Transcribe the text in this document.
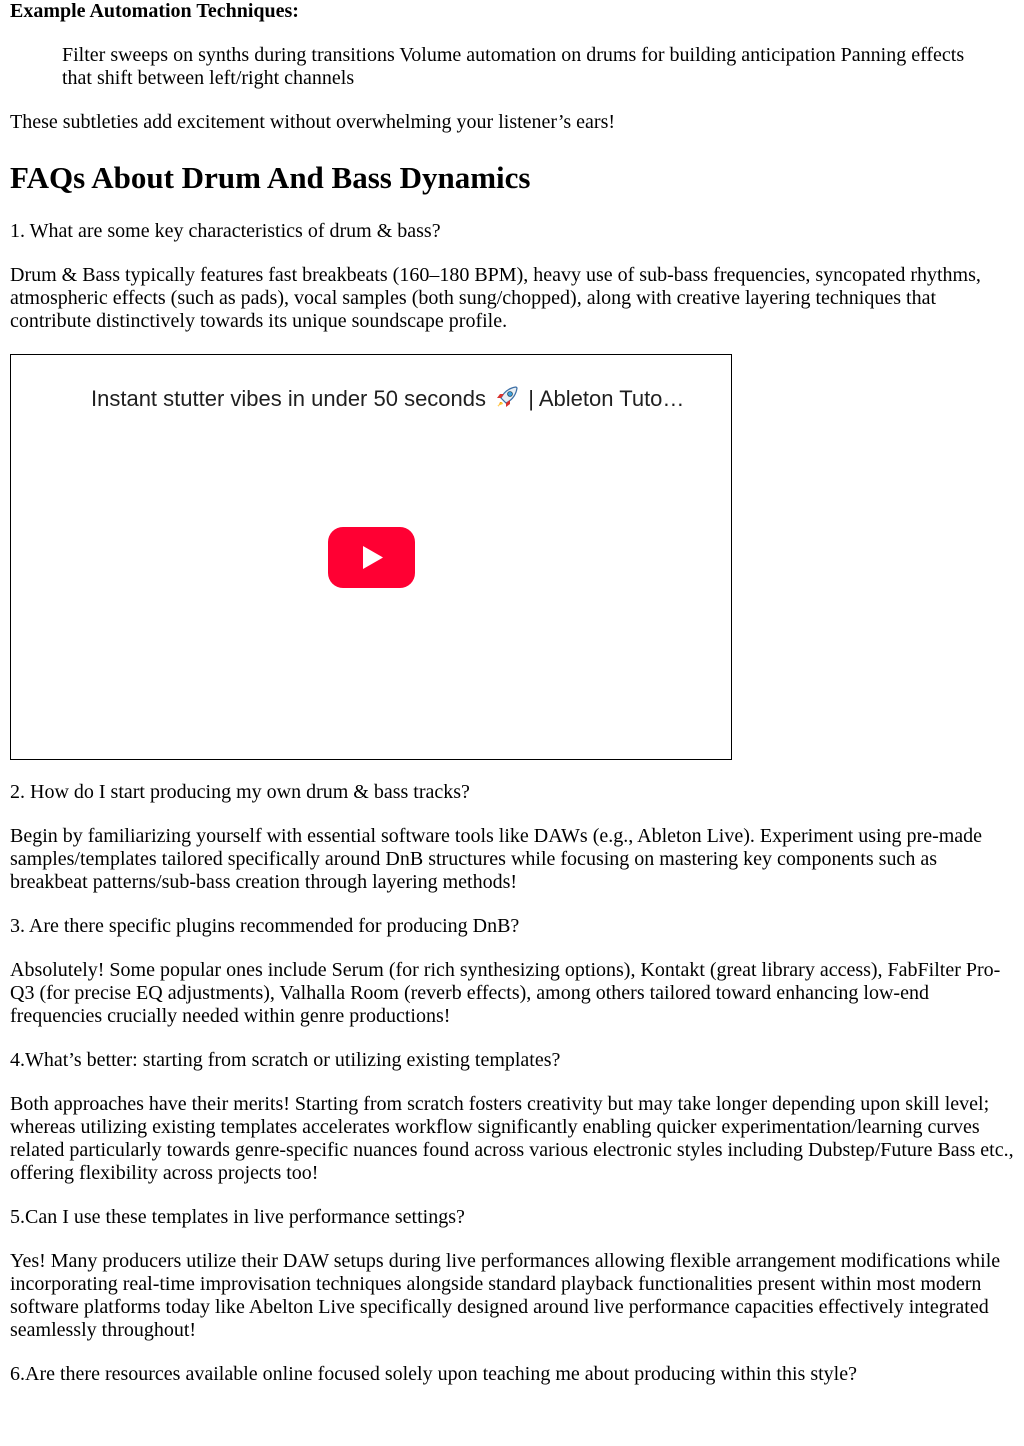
Example Automation Techniques:

Filter sweeps on synths during transitions Volume automation on drums for building anticipation Panning effects that shift between left/right channels

These subtleties add excitement without overwhelming your listener’s ears!

FAQs About Drum And Bass Dynamics

1. What are some key characteristics of drum & bass?

Drum & Bass typically features fast breakbeats (160–180 BPM), heavy use of sub-bass frequencies, syncopated rhythms, atmospheric effects (such as pads), vocal samples (both sung/chopped), along with creative layering techniques that contribute distinctively towards its unique soundscape profile.

Instant stutter vibes in under 50 seconds | Ableton Tuto…

2. How do I start producing my own drum & bass tracks?

Begin by familiarizing yourself with essential software tools like DAWs (e.g., Ableton Live). Experiment using pre-made samples/templates tailored specifically around DnB structures while focusing on mastering key components such as breakbeat patterns/sub-bass creation through layering methods!

3. Are there specific plugins recommended for producing DnB?

Absolutely! Some popular ones include Serum (for rich synthesizing options), Kontakt (great library access), FabFilter Pro-Q3 (for precise EQ adjustments), Valhalla Room (reverb effects), among others tailored toward enhancing low-end frequencies crucially needed within genre productions!

4.What’s better: starting from scratch or utilizing existing templates?

Both approaches have their merits! Starting from scratch fosters creativity but may take longer depending upon skill level; whereas utilizing existing templates accelerates workflow significantly enabling quicker experimentation/learning curves related particularly towards genre-specific nuances found across various electronic styles including Dubstep/Future Bass etc., offering flexibility across projects too!

5.Can I use these templates in live performance settings?

Yes! Many producers utilize their DAW setups during live performances allowing flexible arrangement modifications while incorporating real-time improvisation techniques alongside standard playback functionalities present within most modern software platforms today like Abelton Live specifically designed around live performance capacities effectively integrated seamlessly throughout!

6.Are there resources available online focused solely upon teaching me about producing within this style?
